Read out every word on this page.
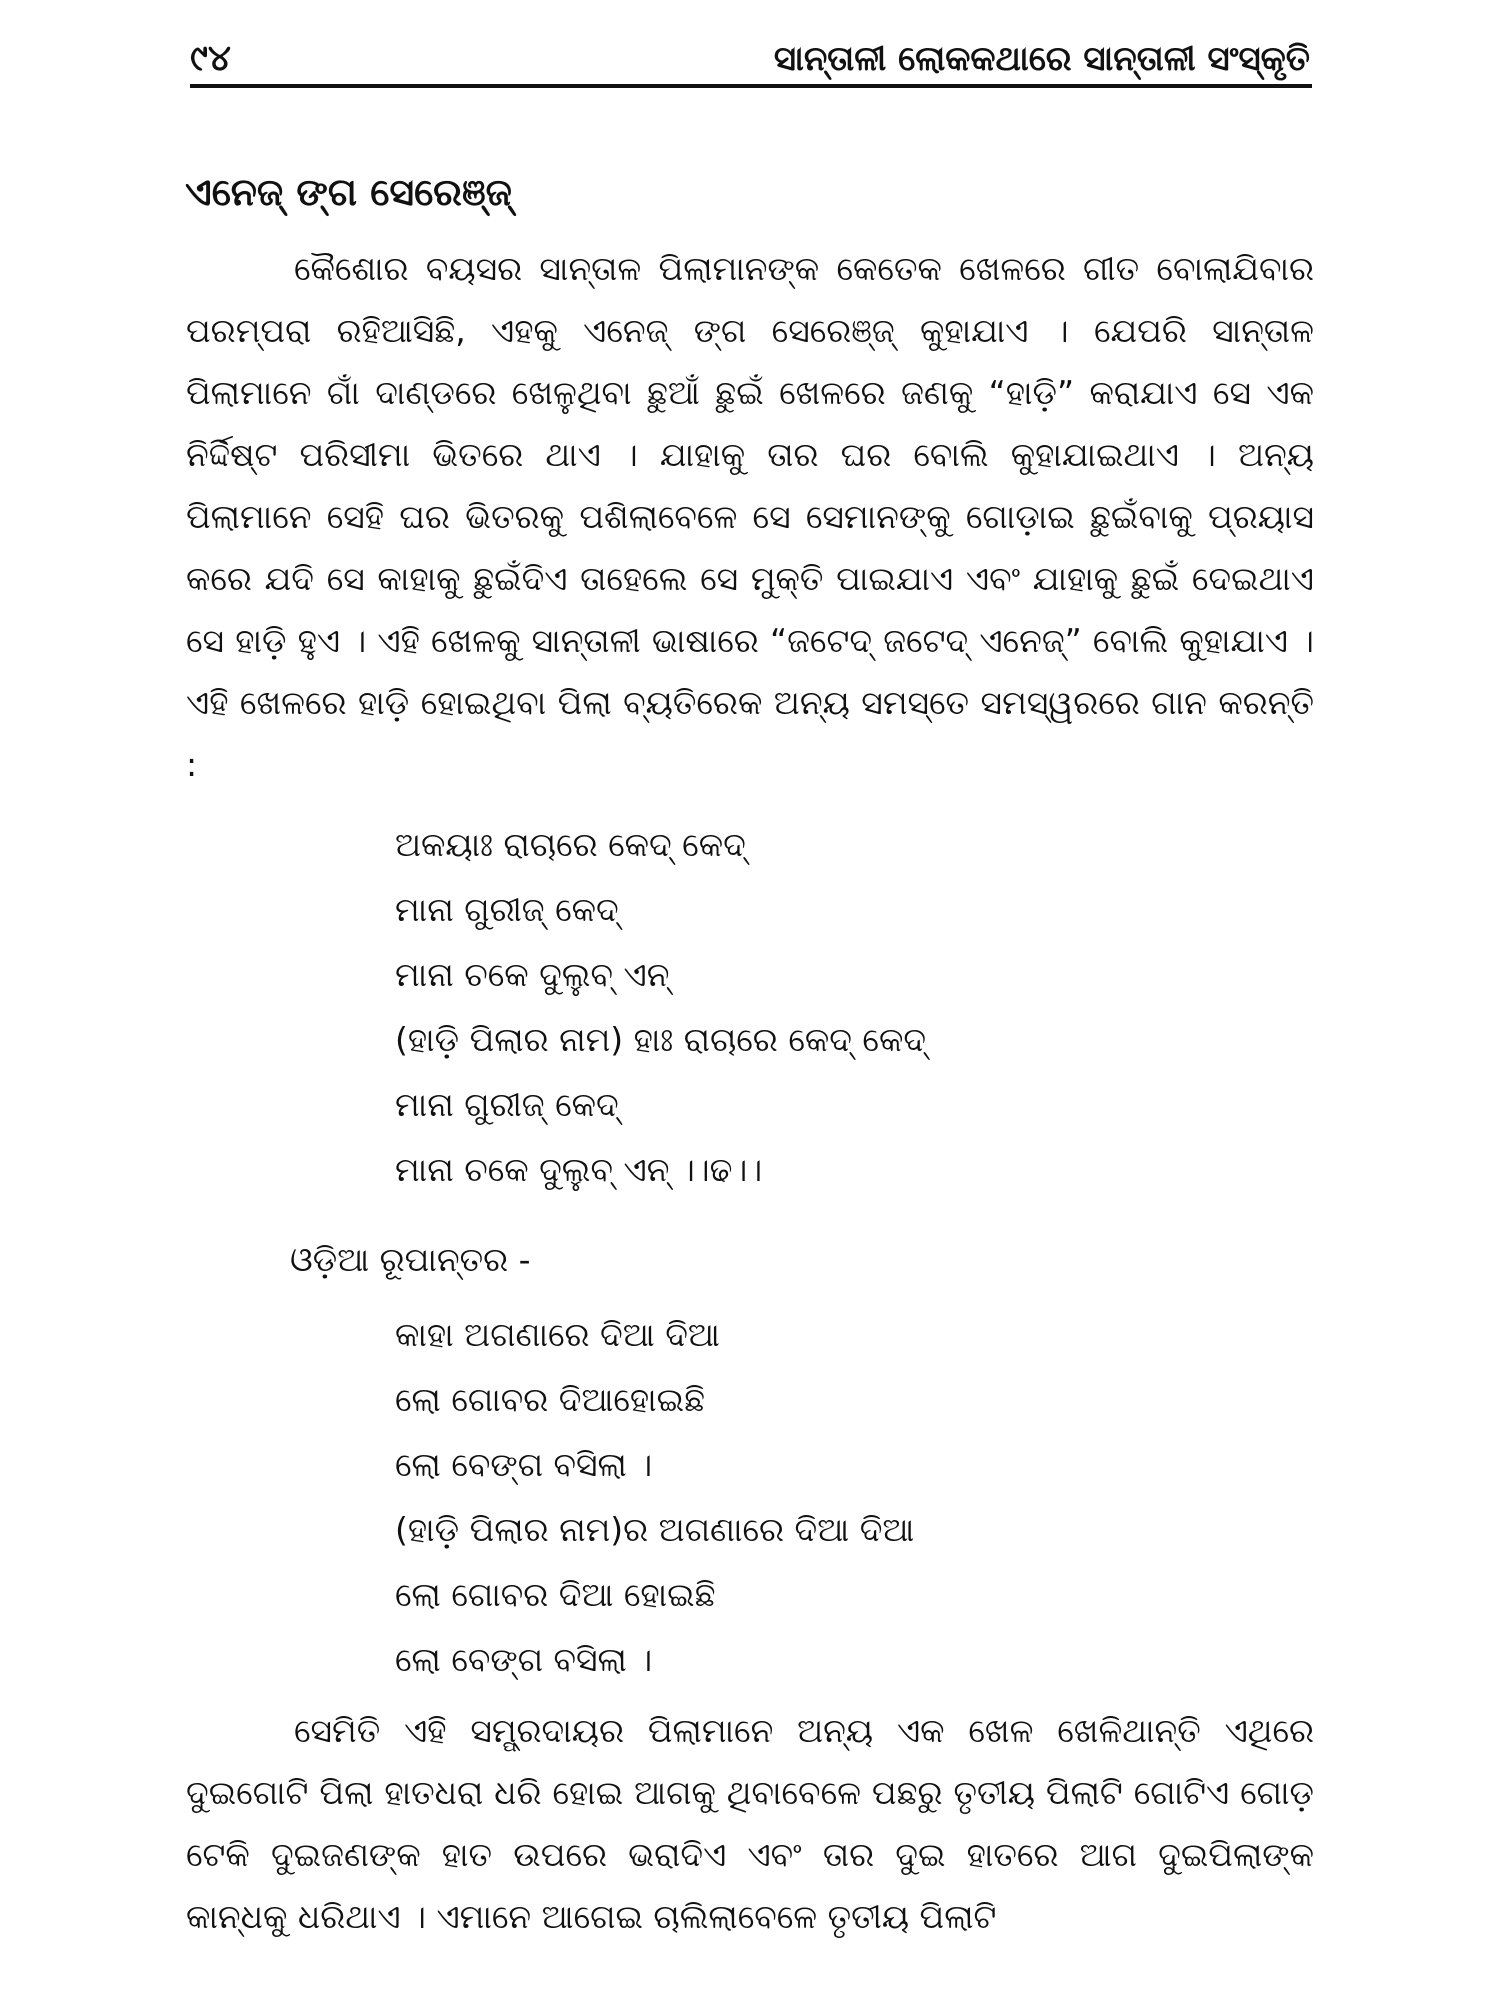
୯୪	ସାନ୍ତାଳୀ ଲୋକକଥାରେ ସାନ୍ତାଳୀ ସଂସ୍କୃତି
ଏନେଜ୍ ଙ୍ଗ ସେରେଞ୍ଜ୍

କୈଶୋର ବୟସର ସାନ୍ତାଳ ପିଲାମାନଙ୍କ କେତେକ ଖେଳରେ ଗୀତ ବୋଲାଯିବାର ପରମ୍ପରା ରହିଆସିଛି, ଏହକୁ ଏନେଜ୍ ଙ୍ଗ ସେରେଞ୍ଜ୍ କୁହାଯାଏ । ଯେପରି ସାନ୍ତାଳ ପିଲାମାନେ ଗାଁ ଦାଣ୍ଡରେ ଖେଳୁଥିବା ଛୁଆଁ ଛୁଇଁ ଖେଳରେ ଜଣକୁ “ହାଡ଼ି” କରାଯାଏ ସେ ଏକ ନିର୍ଦ୍ଦିଷ୍ଟ ପରିସୀମା ଭିତରେ ଥାଏ । ଯାହାକୁ ତାର ଘର ବୋଲି କୁହାଯାଇଥାଏ । ଅନ୍ୟ ପିଲାମାନେ ସେହି ଘର ଭିତରକୁ ପଶିଲାବେଳେ ସେ ସେମାନଙ୍କୁ ଗୋଡ଼ାଇ ଛୁଇଁବାକୁ ପ୍ରୟାସ କରେ ଯଦି ସେ କାହାକୁ ଛୁଇଁଦିଏ ତାହେଲେ ସେ ମୁକ୍ତି ପାଇଯାଏ ଏବଂ ଯାହାକୁ ଛୁଇଁ ଦେଇଥାଏ ସେ ହାଡ଼ି ହୁଏ । ଏହି ଖେଳକୁ ସାନ୍ତାଳୀ ଭାଷାରେ “ଜଟେଦ୍ ଜଟେଦ୍ ଏନେଜ୍” ବୋଲି କୁହାଯାଏ । ଏହି ଖେଳରେ ହାଡ଼ି ହୋଇଥିବା ପିଲା ବ୍ୟତିରେକ ଅନ୍ୟ ସମସ୍ତେ ସମସ୍ୱରରେ ଗାନ କରନ୍ତି :

ଅକୟାଃ ରାଚାରେ କେଦ୍ କେଦ୍
ମାନା ଗୁରୀଜ୍ କେଦ୍
ମାନା ଚକେ ଦୁଲୁବ୍ ଏନ୍
(ହାଡ଼ି ପିଲାର ନାମ) ହାଃ ରାଚାରେ କେଦ୍ କେଦ୍
ମାନା ଗୁରୀଜ୍ କେଦ୍
ମାନା ଚକେ ଦୁଲୁବ୍ ଏନ୍ ।।ଢ।।
ଓଡ଼ିଆ ରୂପାନ୍ତର -
କାହା ଅଗଣାରେ ଦିଆ ଦିଆ
ଲୋ ଗୋବର ଦିଆହୋଇଛି
ଲୋ ବେଙ୍ଗ ବସିଲା ।
(ହାଡ଼ି ପିଲାର ନାମ)ର ଅଗଣାରେ ଦିଆ ଦିଆ
ଲୋ ଗୋବର ଦିଆ ହୋଇଛି
ଲୋ ବେଙ୍ଗ ବସିଲା ।

ସେମିତି ଏହି ସମ୍ପ୍ରଦାୟର ପିଲାମାନେ ଅନ୍ୟ ଏକ ଖେଳ ଖେଳିଥାନ୍ତି ଏଥିରେ ଦୁଇଗୋଟି ପିଲା ହାତଧରା ଧରି ହୋଇ ଆଗକୁ ଥିବାବେଳେ ପଛରୁ ତୃତୀୟ ପିଲାଟି ଗୋଟିଏ ଗୋଡ଼ ଟେକି ଦୁଇଜଣଙ୍କ ହାତ ଉପରେ ଭରାଦିଏ ଏବଂ ତାର ଦୁଇ ହାତରେ ଆଗ ଦୁଇପିଲାଙ୍କ କାନ୍ଧକୁ ଧରିଥାଏ । ଏମାନେ ଆଗେଇ ଚାଲିଲାବେଳେ ତୃତୀୟ ପିଲାଟି
